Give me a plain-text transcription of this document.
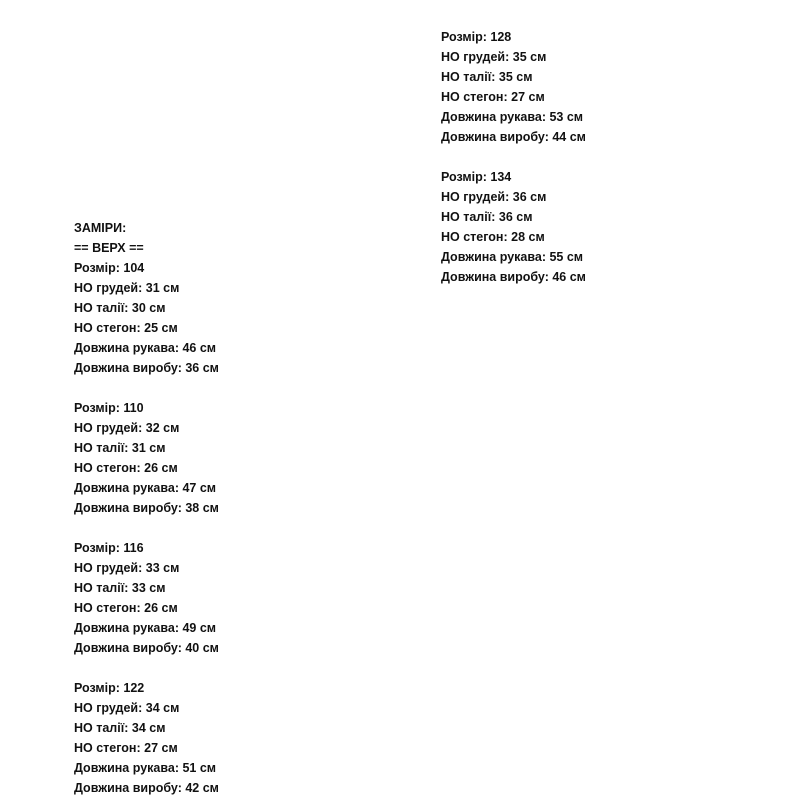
ЗАМІРИ:
== ВЕРХ ==
Розмір: 104
НО грудей: 31 см
НО талії: 30 см
НО стегон: 25 см
Довжина рукава: 46 см
Довжина виробу: 36 см
Розмір: 110
НО грудей: 32 см
НО талії: 31 см
НО стегон: 26 см
Довжина рукава: 47 см
Довжина виробу: 38 см
Розмір: 116
НО грудей: 33 см
НО талії: 33 см
НО стегон: 26 см
Довжина рукава: 49 см
Довжина виробу: 40 см
Розмір: 122
НО грудей: 34 см
НО талії: 34 см
НО стегон: 27 см
Довжина рукава: 51 см
Довжина виробу: 42 см
Розмір: 128
НО грудей: 35 см
НО талії: 35 см
НО стегон: 27 см
Довжина рукава: 53 см
Довжина виробу: 44 см
Розмір: 134
НО грудей: 36 см
НО талії: 36 см
НО стегон: 28 см
Довжина рукава: 55 см
Довжина виробу: 46 см
